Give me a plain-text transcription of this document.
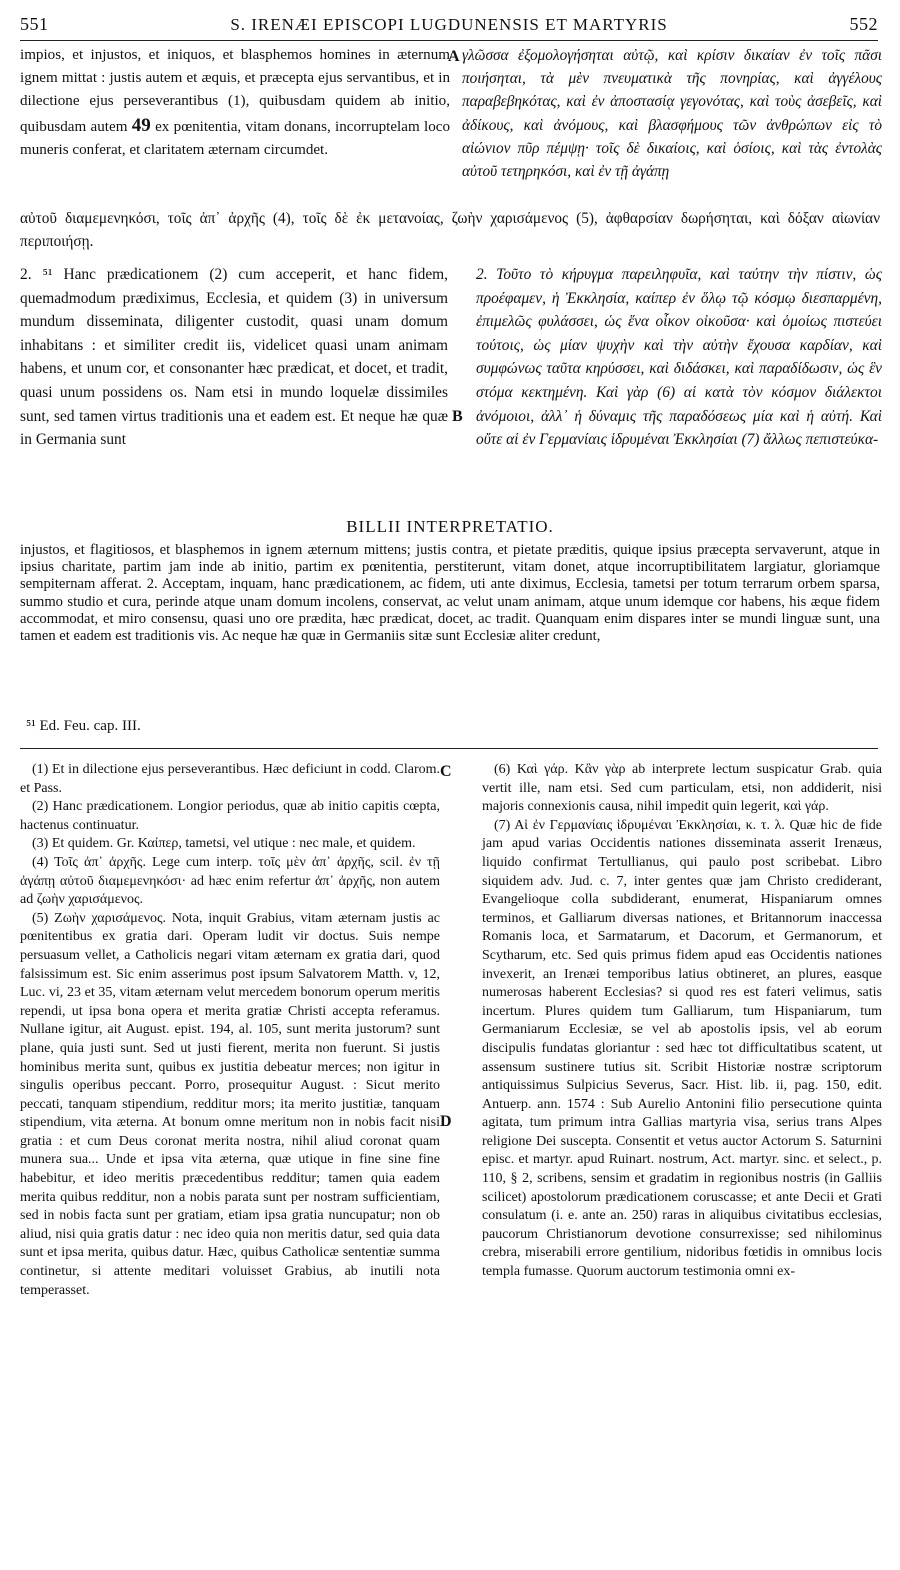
551	S. IRENÆI EPISCOPI LUGDUNENSIS ET MARTYRIS	552

impios, et injustos, et iniquos, et blasphemos homines in æternum ignem mittat : justis autem et æquis, et præcepta ejus servantibus, et in dilectione ejus perseverantibus (1), quibusdam quidem ab initio, quibusdam autem 49 ex pœnitentia, vitam donans, incorruptelam loco muneris conferat, et claritatem æternam circumdet.

A γλῶσσα ἐξομολογήσηται αὐτῷ, καὶ κρίσιν δικαίαν ἐν τοῖς πᾶσι ποιήσηται, τὰ μὲν πνευματικὰ τῆς πονηρίας, καὶ ἀγγέλους παραβεβηκότας, καὶ ἐν ἀποστασίᾳ γεγονότας, καὶ τοὺς ἀσεβεῖς, καὶ ἀδίκους, καὶ ἀνόμους, καὶ βλασφήμους τῶν ἀνθρώπων εἰς τὸ αἰώνιον πῦρ πέμψῃ· τοῖς δὲ δικαίοις, καὶ ὁσίοις, καὶ τὰς ἐντολὰς αὐτοῦ τετηρηκόσι, καὶ ἐν τῇ ἀγάπῃ
αὐτοῦ διαμεμενηκόσι, τοῖς ἀπ᾽ ἀρχῆς (4), τοῖς δὲ ἐκ μετανοίας, ζωὴν χαρισάμενος (5), ἀφθαρσίαν δωρήσηται, καὶ δόξαν αἰωνίαν περιποιήσῃ.
2. ⁵¹ Hanc prædicationem (2) cum acceperit, et hanc fidem, quemadmodum prædiximus, Ecclesia, et quidem (3) in universum mundum disseminata, diligenter custodit, quasi unam domum inhabitans : et similiter credit iis, videlicet quasi unam animam habens, et unum cor, et consonanter hæc prædicat, et docet, et tradit, quasi unum possidens os. Nam etsi in mundo loquelæ dissimiles sunt, sed tamen virtus traditionis una et eadem est. Et neque hæ quæ in Germania sunt
B
2. Τοῦτο τὸ κήρυγμα παρειληφυῖα, καὶ ταύτην τὴν πίστιν, ὡς προέφαμεν, ἡ Ἐκκλησία, καίπερ ἐν ὅλῳ τῷ κόσμῳ διεσπαρμένη, ἐπιμελῶς φυλάσσει, ὡς ἕνα οἶκον οἰκοῦσα· καὶ ὁμοίως πιστεύει τούτοις, ὡς μίαν ψυχὴν καὶ τὴν αὐτὴν ἔχουσα καρδίαν, καὶ συμφώνως ταῦτα κηρύσσει, καὶ διδάσκει, καὶ παραδίδωσιν, ὡς ἓν στόμα κεκτημένη. Καὶ γὰρ (6) αἱ κατὰ τὸν κόσμον διάλεκτοι ἀνόμοιοι, ἀλλ᾽ ἡ δύναμις τῆς παραδόσεως μία καὶ ἡ αὐτή. Καὶ οὔτε αἱ ἐν Γερμανίαις ἱδρυμέναι Ἐκκλησίαι (7) ἄλλως πεπιστεύκα-
BILLII INTERPRETATIO.
injustos, et flagitiosos, et blasphemos in ignem æternum mittens; justis contra, et pietate præditis, quique ipsius præcepta servaverunt, atque in ipsius charitate, partim jam inde ab initio, partim ex pœnitentia, perstiterunt, vitam donet, atque incorruptibilitatem largiatur, gloriamque sempiternam afferat. 2. Acceptam, inquam, hanc prædicationem, ac fidem, uti ante diximus, Ecclesia, tametsi per totum terrarum orbem sparsa, summo studio et cura, perinde atque unam domum incolens, conservat, ac velut unam animam, atque unum idemque cor habens, his æque fidem accommodat, et miro consensu, quasi uno ore prædita, hæc prædicat, docet, ac tradit. Quanquam enim dispares inter se mundi linguæ sunt, una tamen et eadem est traditionis vis. Ac neque hæ quæ in Germaniis sitæ sunt Ecclesiæ aliter credunt,
⁵¹ Ed. Feu. cap. III.

(1) Et in dilectione ejus perseverantibus. Hæc deficiunt in codd. Clarom. et Pass.

(2) Hanc prædicationem. Longior periodus, quæ ab initio capitis cœpta, hactenus continuatur.

(3) Et quidem. Gr. Καίπερ, tametsi, vel utique : nec male, et quidem.

(4) Τοῖς ἀπ᾽ ἀρχῆς. Lege cum interp. τοῖς μὲν ἀπ᾽ ἀρχῆς, scil. ἐν τῇ ἀγάπῃ αὐτοῦ διαμεμενηκόσι· ad hæc enim refertur ἀπ᾽ ἀρχῆς, non autem ad ζωὴν χαρισάμενος.

(5) Ζωὴν χαρισάμενος. Nota, inquit Grabius, vitam æternam justis ac pœnitentibus ex gratia dari. Operam ludit vir doctus. Suis nempe persuasum vellet, a Catholicis negari vitam æternam ex gratia dari, quod falsissimum est. Sic enim asserimus post ipsum Salvatorem Matth. v, 12, Luc. vi, 23 et 35, vitam æternam velut mercedem bonorum operum meritis rependi, ut ipsa bona opera et merita gratiæ Christi accepta referamus. Nullane igitur, ait August. epist. 194, al. 105, sunt merita justorum? sunt plane, quia justi sunt. Sed ut justi fierent, merita non fuerunt. Si justis hominibus merita sunt, quibus ex justitia debeatur merces; non igitur in singulis operibus peccant. Porro, prosequitur August. : Sicut merito peccati, tanquam stipendium, redditur mors; ita merito justitiæ, tanquam stipendium, vita æterna. At bonum omne meritum non in nobis facit nisi gratia : et cum Deus coronat merita nostra, nihil aliud coronat quam munera sua... Unde et ipsa vita æterna, quæ utique in fine sine fine habebitur, et ideo meritis præcedentibus redditur; tamen quia eadem merita quibus redditur, non a nobis parata sunt per nostram sufficientiam, sed in nobis facta sunt per gratiam, etiam ipsa gratia nuncupatur; non ob aliud, nisi quia gratis datur : nec ideo quia non meritis datur, sed quia data sunt et ipsa merita, quibus datur. Hæc, quibus Catholicæ sententiæ summa continetur, si attente meditari voluisset Grabius, ab inutili nota temperasset.

C
D

(6) Καὶ γάρ. Κἂν γὰρ ab interprete lectum suspicatur Grab. quia vertit ille, nam etsi. Sed cum particulam, etsi, non addiderit, nisi majoris connexionis causa, nihil impedit quin legerit, καὶ γάρ.

(7) Αἱ ἐν Γερμανίαις ἱδρυμέναι Ἐκκλησίαι, κ. τ. λ. Quæ hic de fide jam apud varias Occidentis nationes disseminata asserit Irenæus, liquido confirmat Tertullianus, qui paulo post scribebat. Libro siquidem adv. Jud. c. 7, inter gentes quæ jam Christo crediderant, Evangelioque colla subdiderant, enumerat, Hispaniarum omnes terminos, et Galliarum diversas nationes, et Britannorum inaccessa Romanis loca, et Sarmatarum, et Dacorum, et Germanorum, et Scytharum, etc. Sed quis primus fidem apud eas Occidentis nationes invexerit, an Irenæi temporibus latius obtineret, an plures, easque numerosas haberent Ecclesias? si quod res est fateri velimus, satis incertum. Plures quidem tum Galliarum, tum Hispaniarum, tum Germaniarum Ecclesiæ, se vel ab apostolis ipsis, vel ab eorum discipulis fundatas gloriantur : sed hæc tot difficultatibus scatent, ut assensum sustinere tutius sit. Scribit Historiæ nostræ scriptorum antiquissimus Sulpicius Severus, Sacr. Hist. lib. ii, pag. 150, edit. Antuerp. ann. 1574 : Sub Aurelio Antonini filio persecutione quinta agitata, tum primum intra Gallias martyria visa, serius trans Alpes religione Dei suscepta. Consentit et vetus auctor Actorum S. Saturnini episc. et martyr. apud Ruinart. nostrum, Act. martyr. sinc. et select., p. 110, § 2, scribens, sensim et gradatim in regionibus nostris (in Galliis scilicet) apostolorum prædicationem coruscasse; et ante Decii et Grati consulatum (i. e. ante an. 250) raras in aliquibus civitatibus ecclesias, paucorum Christianorum devotione consurrexisse; sed nihilominus crebra, miserabili errore gentilium, nidoribus fœtidis in omnibus locis templa fumasse. Quorum auctorum testimonia omni ex-
